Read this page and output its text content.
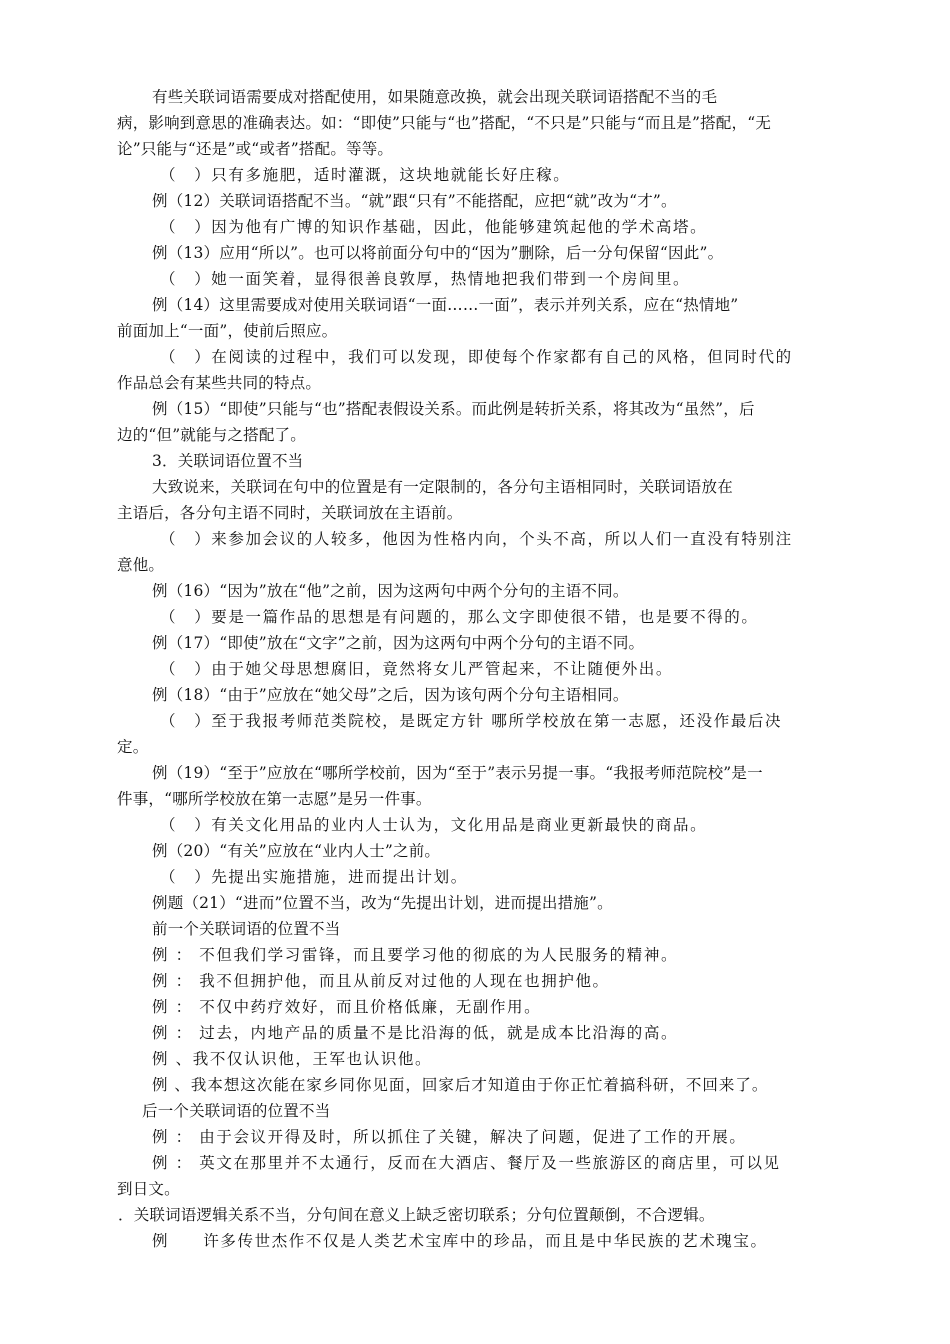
有些关联词语需要成对搭配使用，如果随意改换，就会出现关联词语搭配不当的毛
病，影响到意思的准确表达。如：“即使”只能与“也”搭配，“不只是”只能与“而且是”搭配，“无
论”只能与“还是”或“或者”搭配。等等。
（　）只有多施肥，适时灌溉，这块地就能长好庄稼。
例（12）关联词语搭配不当。“就”跟“只有”不能搭配，应把“就”改为“才”。
（　）因为他有广博的知识作基础，因此，他能够建筑起他的学术高塔。
例（13）应用“所以”。也可以将前面分句中的“因为”删除，后一分句保留“因此”。
（　）她一面笑着，显得很善良敦厚，热情地把我们带到一个房间里。
例（14）这里需要成对使用关联词语“一面……一面”，表示并列关系，应在“热情地”
前面加上“一面”，使前后照应。
（　）在阅读的过程中，我们可以发现，即使每个作家都有自己的风格，但同时代的
作品总会有某些共同的特点。
例（15）“即使”只能与“也”搭配表假设关系。而此例是转折关系，将其改为“虽然”，后
边的“但”就能与之搭配了。
3．关联词语位置不当
大致说来，关联词在句中的位置是有一定限制的，各分句主语相同时，关联词语放在
主语后，各分句主语不同时，关联词放在主语前。
（　）来参加会议的人较多，他因为性格内向，个头不高，所以人们一直没有特别注
意他。
例（16）“因为”放在“他”之前，因为这两句中两个分句的主语不同。
（　）要是一篇作品的思想是有问题的，那么文字即使很不错，也是要不得的。
例（17）“即使”放在“文字”之前，因为这两句中两个分句的主语不同。
（　）由于她父母思想腐旧，竟然将女儿严管起来，不让随便外出。
例（18）“由于”应放在“她父母”之后，因为该句两个分句主语相同。
（　）至于我报考师范类院校，是既定方针 哪所学校放在第一志愿，还没作最后决
定。
例（19）“至于”应放在“哪所学校前，因为“至于”表示另提一事。“我报考师范院校”是一
件事，“哪所学校放在第一志愿”是另一件事。
（　）有关文化用品的业内人士认为，文化用品是商业更新最快的商品。
例（20）“有关”应放在“业内人士”之前。
（　）先提出实施措施，进而提出计划。
例题（21）“进而”位置不当，改为“先提出计划，进而提出措施”。
前一个关联词语的位置不当
例 ： 不但我们学习雷锋，而且要学习他的彻底的为人民服务的精神。
例 ： 我不但拥护他，而且从前反对过他的人现在也拥护他。
例 ： 不仅中药疗效好，而且价格低廉，无副作用。
例 ： 过去，内地产品的质量不是比沿海的低，就是成本比沿海的高。
例 、我不仅认识他，王军也认识他。
例 、我本想这次能在家乡同你见面，回家后才知道由于你正忙着搞科研，不回来了。
后一个关联词语的位置不当
例 ： 由于会议开得及时，所以抓住了关键，解决了问题，促进了工作的开展。
例 ： 英文在那里并不太通行，反而在大酒店、餐厅及一些旅游区的商店里，可以见
到日文。
．关联词语逻辑关系不当，分句间在意义上缺乏密切联系；分句位置颠倒，不合逻辑。
例　　许多传世杰作不仅是人类艺术宝库中的珍品，而且是中华民族的艺术瑰宝。
